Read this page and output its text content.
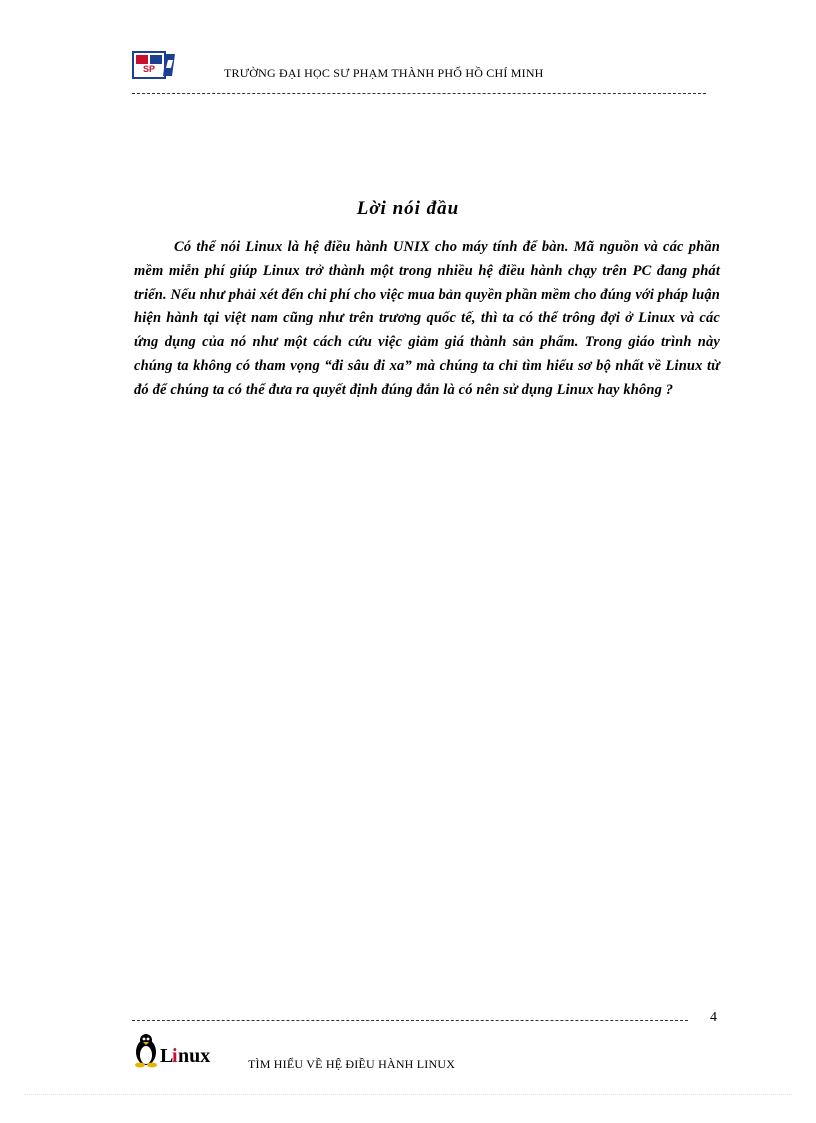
SP	TRƯỜNG ĐẠI HỌC SƯ PHẠM THÀNH PHỐ HỒ CHÍ MINH
Lời nói đầu

Có thể nói Linux là hệ điều hành UNIX cho máy tính để bàn. Mã nguồn và các phần mềm miễn phí giúp Linux trở thành một trong nhiều hệ điều hành chạy trên PC đang phát triển. Nếu như phải xét đến chi phí cho việc mua bản quyền phần mềm cho đúng với pháp luận hiện hành tại việt nam cũng như trên trương quốc tế, thì ta có thể trông đợi ở Linux và các ứng dụng của nó như một cách cứu việc giảm giá thành sản phẩm. Trong giáo trình này chúng ta không có tham vọng “đi sâu đi xa” mà chúng ta chỉ tìm hiểu sơ bộ nhất về Linux từ đó để chúng ta có thể đưa ra quyết định đúng đắn là có nên sử dụng Linux hay không ?

4
L
i nux	TÌM HIỂU VỀ HỆ ĐIỀU HÀNH LINUX
